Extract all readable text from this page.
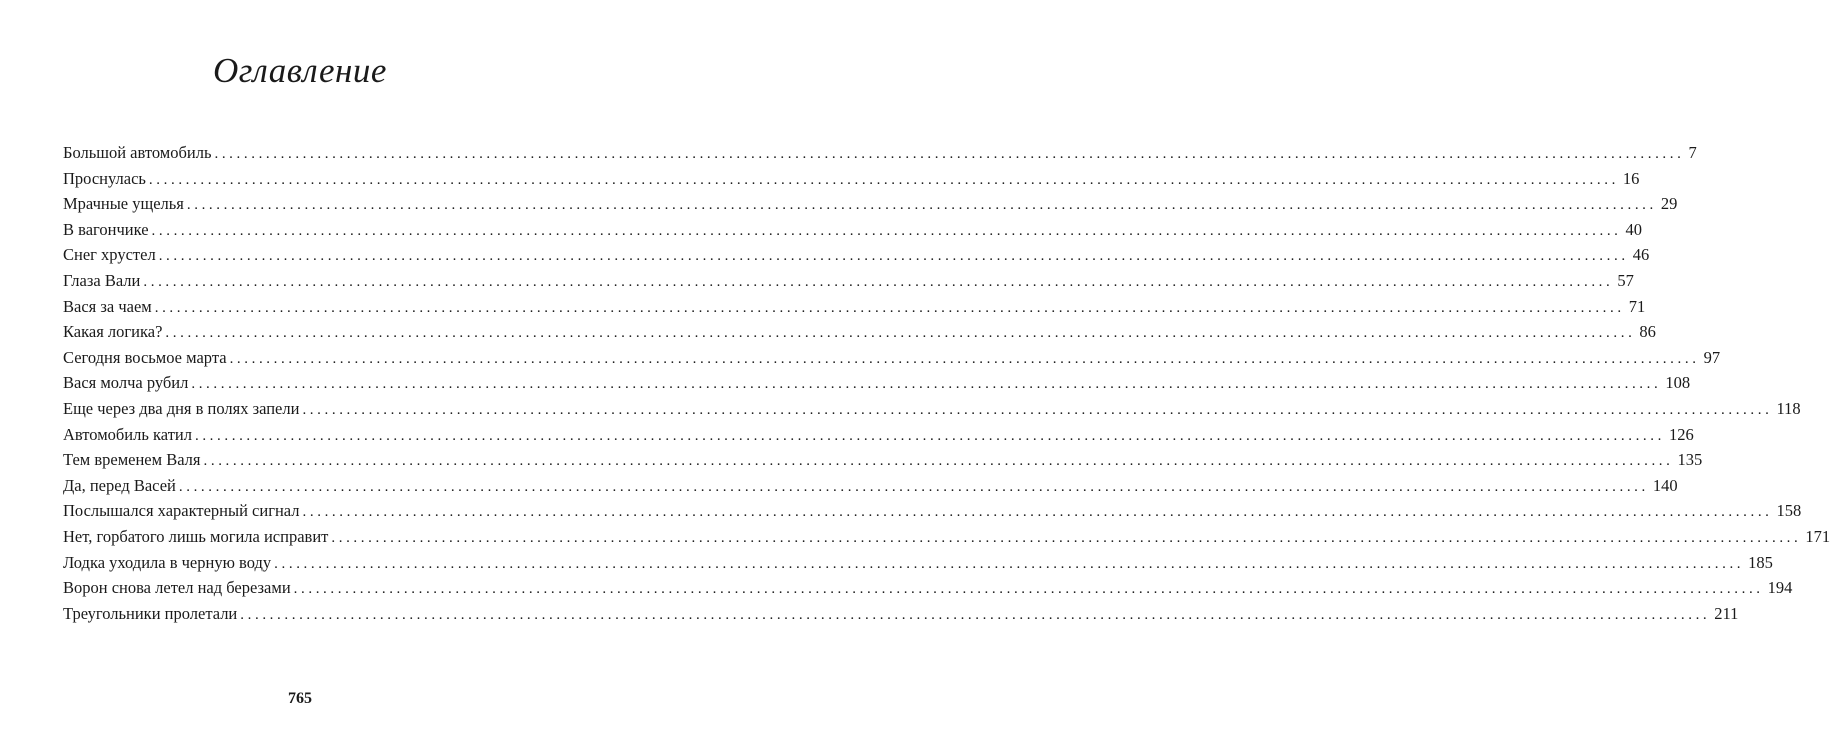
Оглавление
Большой автомобиль ........................................................................................................................................................................................................ 7
Проснулась ........................................................................................................................................................................................................ 16
Мрачные ущелья ........................................................................................................................................................................................................ 29
В вагончике ........................................................................................................................................................................................................ 40
Снег хрустел ........................................................................................................................................................................................................ 46
Глаза Вали ........................................................................................................................................................................................................ 57
Вася за чаем ........................................................................................................................................................................................................ 71
Какая логика? ........................................................................................................................................................................................................ 86
Сегодня восьмое марта ........................................................................................................................................................................................................ 97
Вася молча рубил ........................................................................................................................................................................................................ 108
Еще через два дня в полях запели ........................................................................................................................................................................................................ 118
Автомобиль катил ........................................................................................................................................................................................................ 126
Тем временем Валя ........................................................................................................................................................................................................ 135
Да, перед Васей ........................................................................................................................................................................................................ 140
Послышался характерный сигнал ........................................................................................................................................................................................................ 158
Нет, горбатого лишь могила исправит ........................................................................................................................................................................................................ 171
Лодка уходила в черную воду ........................................................................................................................................................................................................ 185
Ворон снова летел над березами ........................................................................................................................................................................................................ 194
Треугольники пролетали ........................................................................................................................................................................................................ 211
765
